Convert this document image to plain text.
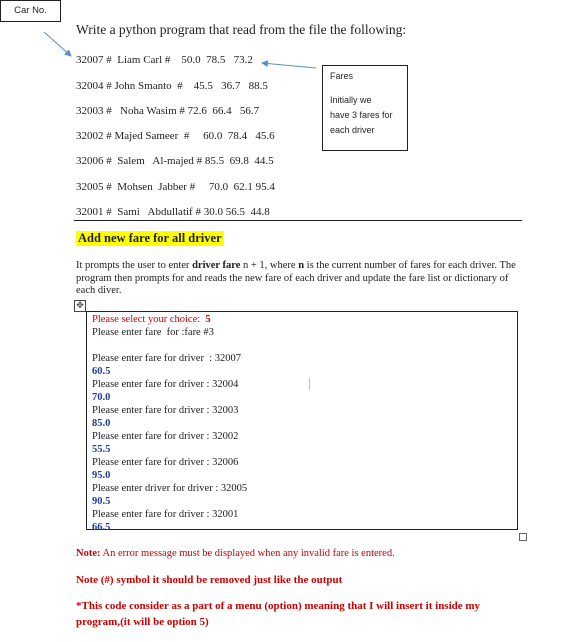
Car No.
Fares
Initially we
have 3 fares for
each driver
Write a python program that read from the file the following:
32007 #  Liam Carl #    50.0  78.5   73.2
32004 # John Smanto  #    45.5   36.7   88.5
32003 #   Noha Wasim # 72.6  66.4   56.7
32002 # Majed Sameer  #     60.0  78.4   45.6
32006 #  Salem   Al-majed # 85.5  69.8  44.5
32005 #  Mohsen  Jabber #     70.0  62.1 95.4
32001 #  Sami   Abdullatif # 30.0 56.5  44.8
Add new fare for all driver
It prompts the user to enter driver fare n + 1, where n is the current number of fares for each driver. The program then prompts for and reads the new fare of each driver and update the fare list or dictionary of each diver.
✥
Please select your choice:  5
Please enter fare  for :fare #3
Please enter fare for driver  : 32007
60.5
Please enter fare for driver : 32004
70.0
Please enter fare for driver : 32003
85.0
Please enter fare for driver : 32002
55.5
Please enter fare for driver : 32006
95.0
Please enter driver for driver : 32005
90.5
Please enter fare for driver : 32001
66.5
Note: An error message must be displayed when any invalid fare is entered.
Note (#) symbol it should be removed just like the output
*This code consider as a part of a menu (option) meaning that I will insert it inside my
program,(it will be option 5)
